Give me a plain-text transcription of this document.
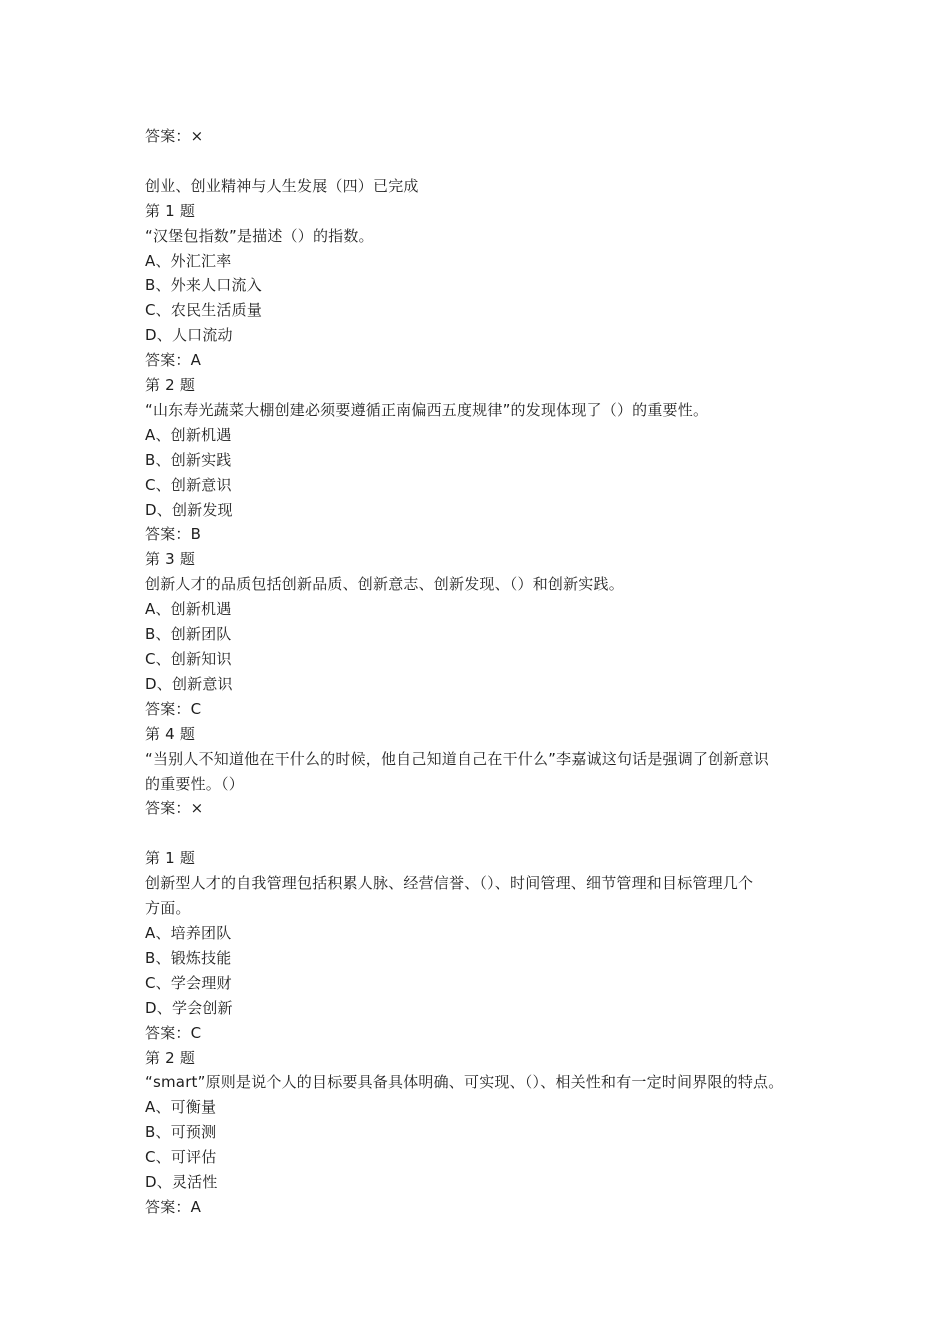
答案：×
创业、创业精神与人生发展（四）已完成
第 1 题
“汉堡包指数”是描述（）的指数。
A、外汇汇率
B、外来人口流入
C、农民生活质量
D、人口流动
答案：A
第 2 题
“山东寿光蔬菜大棚创建必须要遵循正南偏西五度规律”的发现体现了（）的重要性。
A、创新机遇
B、创新实践
C、创新意识
D、创新发现
答案：B
第 3 题
创新人才的品质包括创新品质、创新意志、创新发现、（）和创新实践。
A、创新机遇
B、创新团队
C、创新知识
D、创新意识
答案：C
第 4 题
“当别人不知道他在干什么的时候，他自己知道自己在干什么”李嘉诚这句话是强调了创新意识
的重要性。（）
答案：×
第 1 题
创新型人才的自我管理包括积累人脉、经营信誉、（）、时间管理、细节管理和目标管理几个
方面。
A、培养团队
B、锻炼技能
C、学会理财
D、学会创新
答案：C
第 2 题
“smart”原则是说个人的目标要具备具体明确、可实现、（）、相关性和有一定时间界限的特点。
A、可衡量
B、可预测
C、可评估
D、灵活性
答案：A
